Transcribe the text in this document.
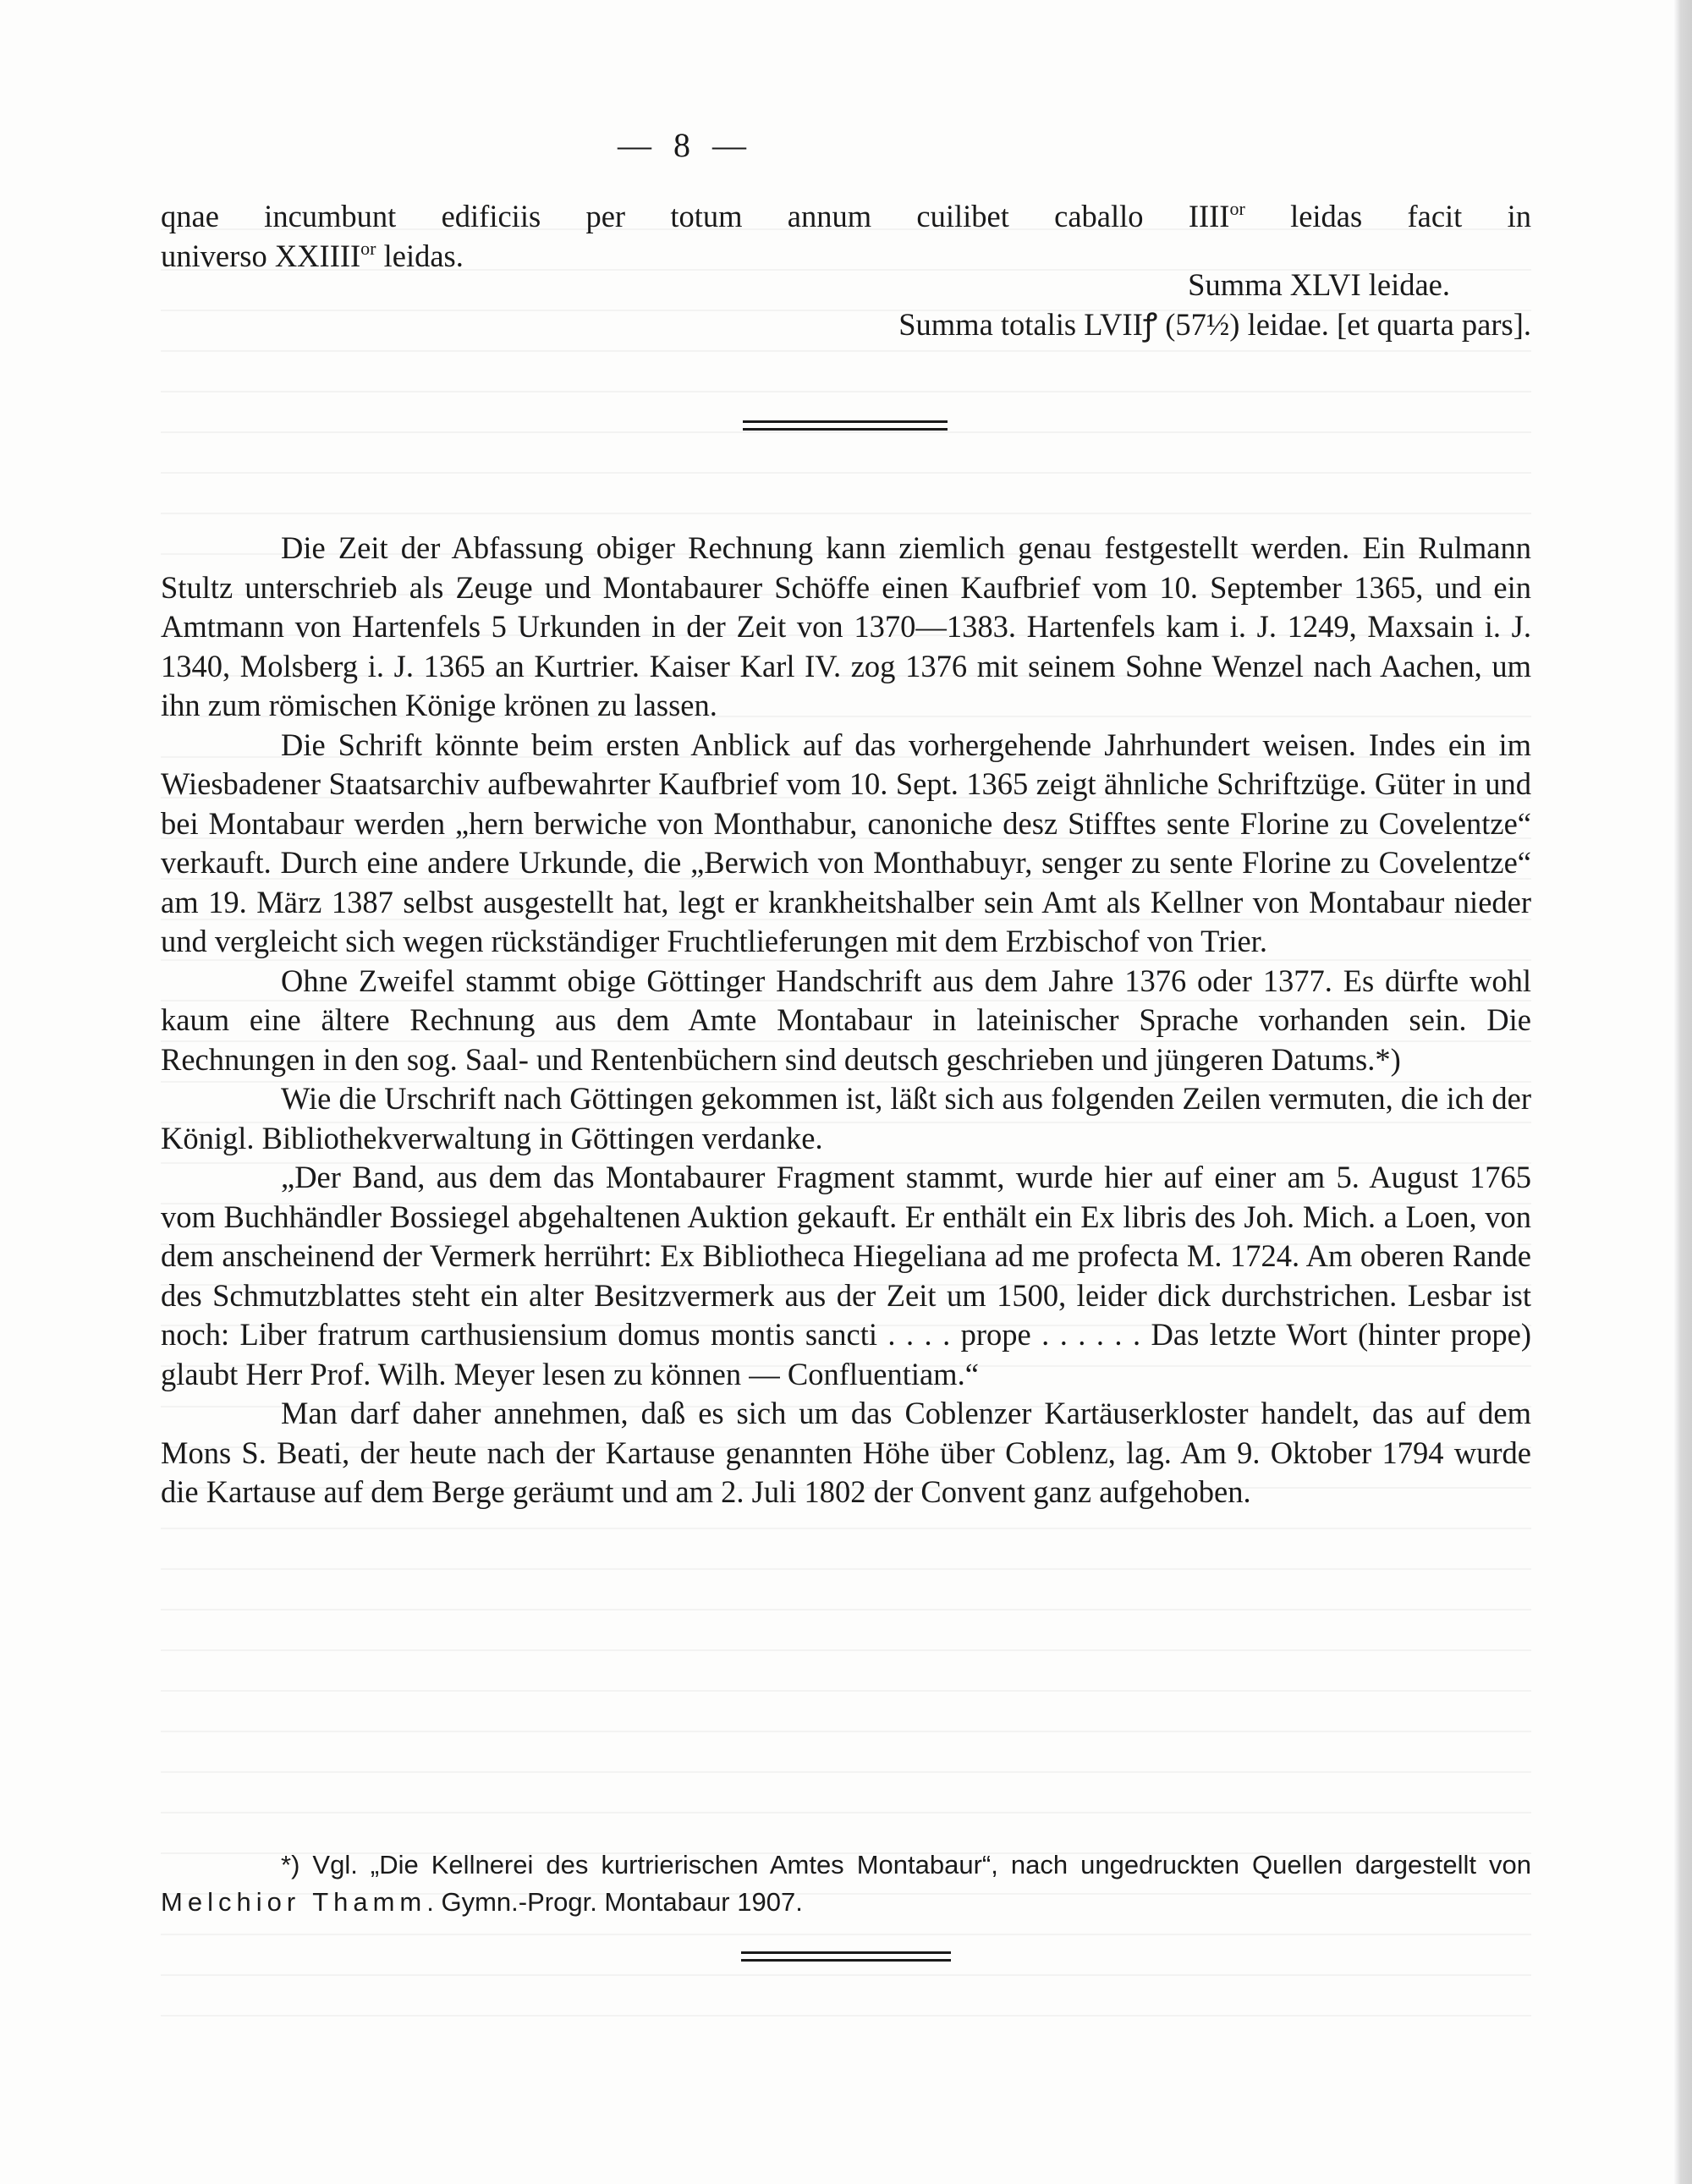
— 8 —

qnae incumbunt edificiis per totum annum cuilibet caballo $IIII^{or}$ leidas facit in

universo $XXIIII^{or}$ leidas.

Summa XLVI leidae.

Summa totalis LVIIꝭ (57½) leidae. [et quarta pars].

Die Zeit der Abfassung obiger Rechnung kann ziemlich genau festgestellt werden. Ein Rulmann Stultz unterschrieb als Zeuge und Montabaurer Schöffe einen Kaufbrief vom 10. September 1365, und ein Amtmann von Hartenfels 5 Urkunden in der Zeit von 1370—1383. Hartenfels kam i. J. 1249, Maxsain i. J. 1340, Molsberg i. J. 1365 an Kurtrier. Kaiser Karl IV. zog 1376 mit seinem Sohne Wenzel nach Aachen, um ihn zum römischen Könige krönen zu lassen.

Die Schrift könnte beim ersten Anblick auf das vorhergehende Jahrhundert weisen. Indes ein im Wiesbadener Staatsarchiv aufbewahrter Kaufbrief vom 10. Sept. 1365 zeigt ähnliche Schriftzüge. Güter in und bei Montabaur werden „hern berwiche von Monthabur, canoniche desz Stifftes sente Florine zu Covelentze“ verkauft. Durch eine andere Urkunde, die „Berwich von Monthabuyr, senger zu sente Florine zu Covelentze“ am 19. März 1387 selbst ausgestellt hat, legt er krankheitshalber sein Amt als Kellner von Montabaur nieder und vergleicht sich wegen rückständiger Fruchtlieferungen mit dem Erzbischof von Trier.

Ohne Zweifel stammt obige Göttinger Handschrift aus dem Jahre 1376 oder 1377. Es dürfte wohl kaum eine ältere Rechnung aus dem Amte Montabaur in lateinischer Sprache vorhanden sein. Die Rechnungen in den sog. Saal- und Rentenbüchern sind deutsch geschrieben und jüngeren Datums.*)

Wie die Urschrift nach Göttingen gekommen ist, läßt sich aus folgenden Zeilen vermuten, die ich der Königl. Bibliothekverwaltung in Göttingen verdanke.

„Der Band, aus dem das Montabaurer Fragment stammt, wurde hier auf einer am 5. August 1765 vom Buchhändler Bossiegel abgehaltenen Auktion gekauft. Er enthält ein Ex libris des Joh. Mich. a Loen, von dem anscheinend der Vermerk herrührt: Ex Bibliotheca Hiegeliana ad me profecta M. 1724. Am oberen Rande des Schmutzblattes steht ein alter Besitzvermerk aus der Zeit um 1500, leider dick durchstrichen. Lesbar ist noch: Liber fratrum carthusiensium domus montis sancti . . . . prope . . . . . . Das letzte Wort (hinter prope) glaubt Herr Prof. Wilh. Meyer lesen zu können — Confluentiam.“

Man darf daher annehmen, daß es sich um das Coblenzer Kartäuserkloster handelt, das auf dem Mons S. Beati, der heute nach der Kartause genannten Höhe über Coblenz, lag. Am 9. Oktober 1794 wurde die Kartause auf dem Berge geräumt und am 2. Juli 1802 der Convent ganz aufgehoben.

*) Vgl. „Die Kellnerei des kurtrierischen Amtes Montabaur“, nach ungedruckten Quellen dargestellt von Melchior Thamm. Gymn.-Progr. Montabaur 1907.
